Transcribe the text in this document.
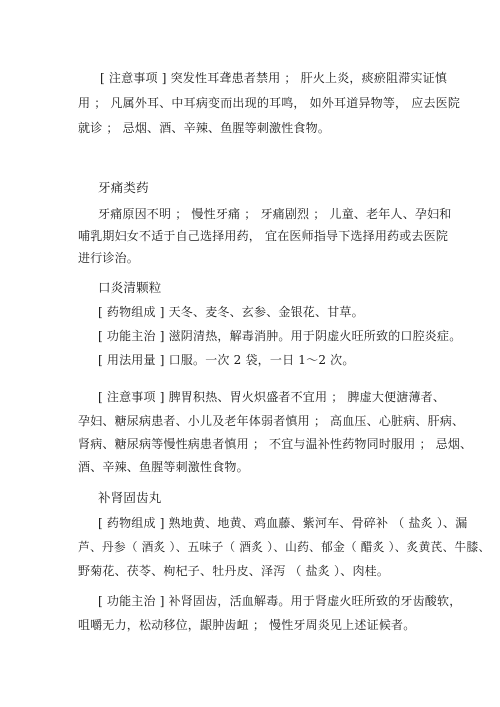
[ 注意事项 ] 突发性耳聋患者禁用 ； 肝火上炎，痰瘀阻滞实证慎
用 ； 凡属外耳、中耳病变而出现的耳鸣， 如外耳道异物等， 应去医院
就诊 ； 忌烟、酒、辛辣、鱼腥等刺激性食物。
牙痛类药
牙痛原因不明 ； 慢性牙痛 ； 牙痛剧烈 ； 儿童、老年人、孕妇和
哺乳期妇女不适于自己选择用药， 宜在医师指导下选择用药或去医院
进行诊治。
口炎清颗粒
[ 药物组成 ] 天冬、麦冬、玄参、金银花、甘草。
[ 功能主治 ] 滋阴清热，解毒消肿。用于阴虚火旺所致的口腔炎症。
[ 用法用量 ] 口服。一次 2 袋，一日 1～2 次。
[ 注意事项 ] 脾胃积热、胃火炽盛者不宜用 ； 脾虚大便溏薄者、
孕妇、糖尿病患者、小儿及老年体弱者慎用 ； 高血压、心脏病、肝病、
肾病、糖尿病等慢性病患者慎用 ； 不宜与温补性药物同时服用 ； 忌烟、
酒、辛辣、鱼腥等刺激性食物。
补肾固齿丸
[ 药物组成 ] 熟地黄、地黄、鸡血藤、紫河车、骨碎补 （ 盐炙 ）、漏
芦、丹参（ 酒炙 ）、五味子（ 酒炙 ）、山药、郁金（ 醋炙 ）、炙黄芪、牛膝、
野菊花、茯苓、枸杞子、牡丹皮、泽泻 （ 盐炙 ）、肉桂。
[ 功能主治 ] 补肾固齿，活血解毒。用于肾虚火旺所致的牙齿酸软，
咀嚼无力，松动移位，龈肿齿衄 ； 慢性牙周炎见上述证候者。
